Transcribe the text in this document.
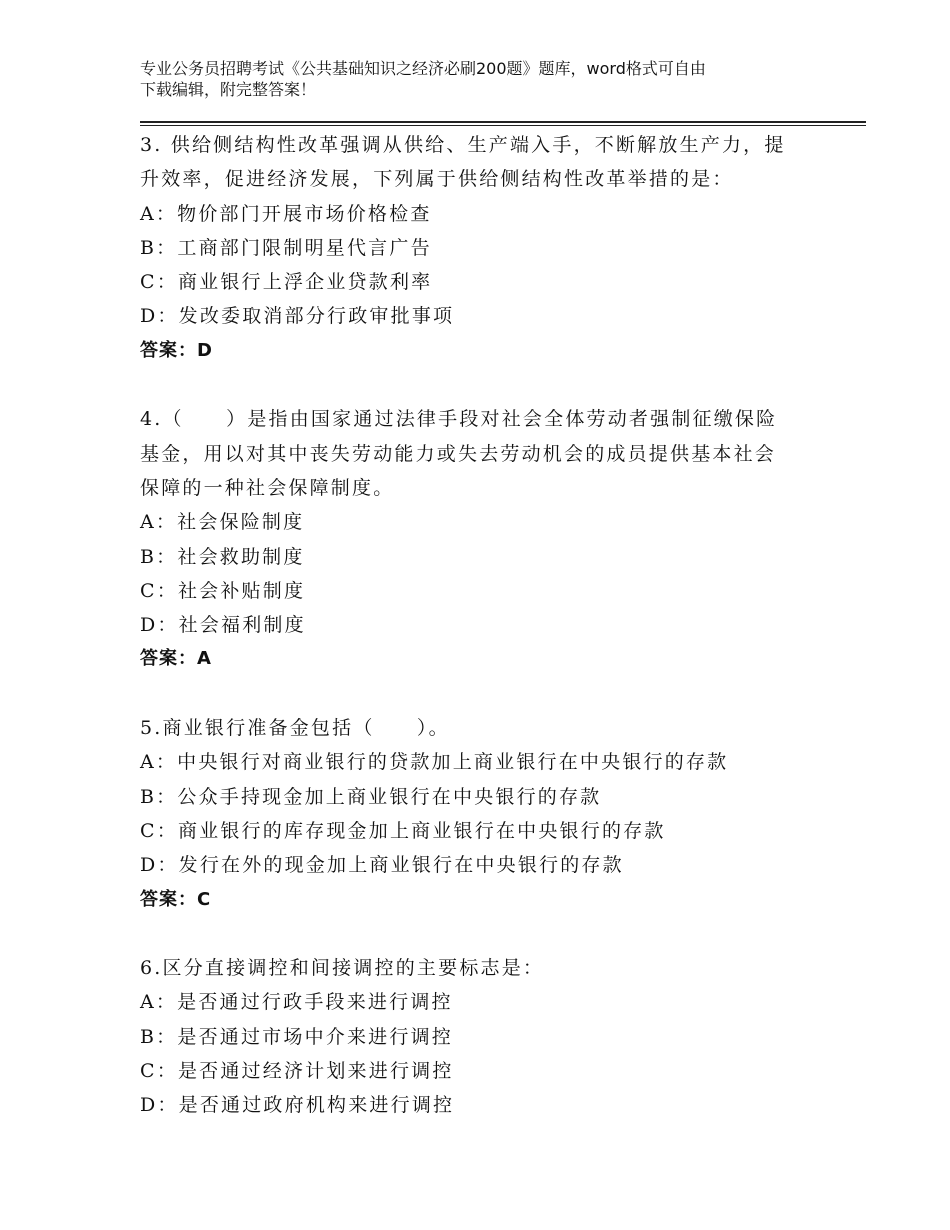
专业公务员招聘考试《公共基础知识之经济必刷200题》题库，word格式可自由
下载编辑，附完整答案！
3. 供给侧结构性改革强调从供给、生产端入手，不断解放生产力，提
升效率，促进经济发展，下列属于供给侧结构性改革举措的是：
A：物价部门开展市场价格检查
B：工商部门限制明星代言广告
C：商业银行上浮企业贷款利率
D：发改委取消部分行政审批事项
答案：D
4.（　　）是指由国家通过法律手段对社会全体劳动者强制征缴保险
基金，用以对其中丧失劳动能力或失去劳动机会的成员提供基本社会
保障的一种社会保障制度。
A：社会保险制度
B：社会救助制度
C：社会补贴制度
D：社会福利制度
答案：A
5.商业银行准备金包括（　　）。
A：中央银行对商业银行的贷款加上商业银行在中央银行的存款
B：公众手持现金加上商业银行在中央银行的存款
C：商业银行的库存现金加上商业银行在中央银行的存款
D：发行在外的现金加上商业银行在中央银行的存款
答案：C
6.区分直接调控和间接调控的主要标志是：
A：是否通过行政手段来进行调控
B：是否通过市场中介来进行调控
C：是否通过经济计划来进行调控
D：是否通过政府机构来进行调控
